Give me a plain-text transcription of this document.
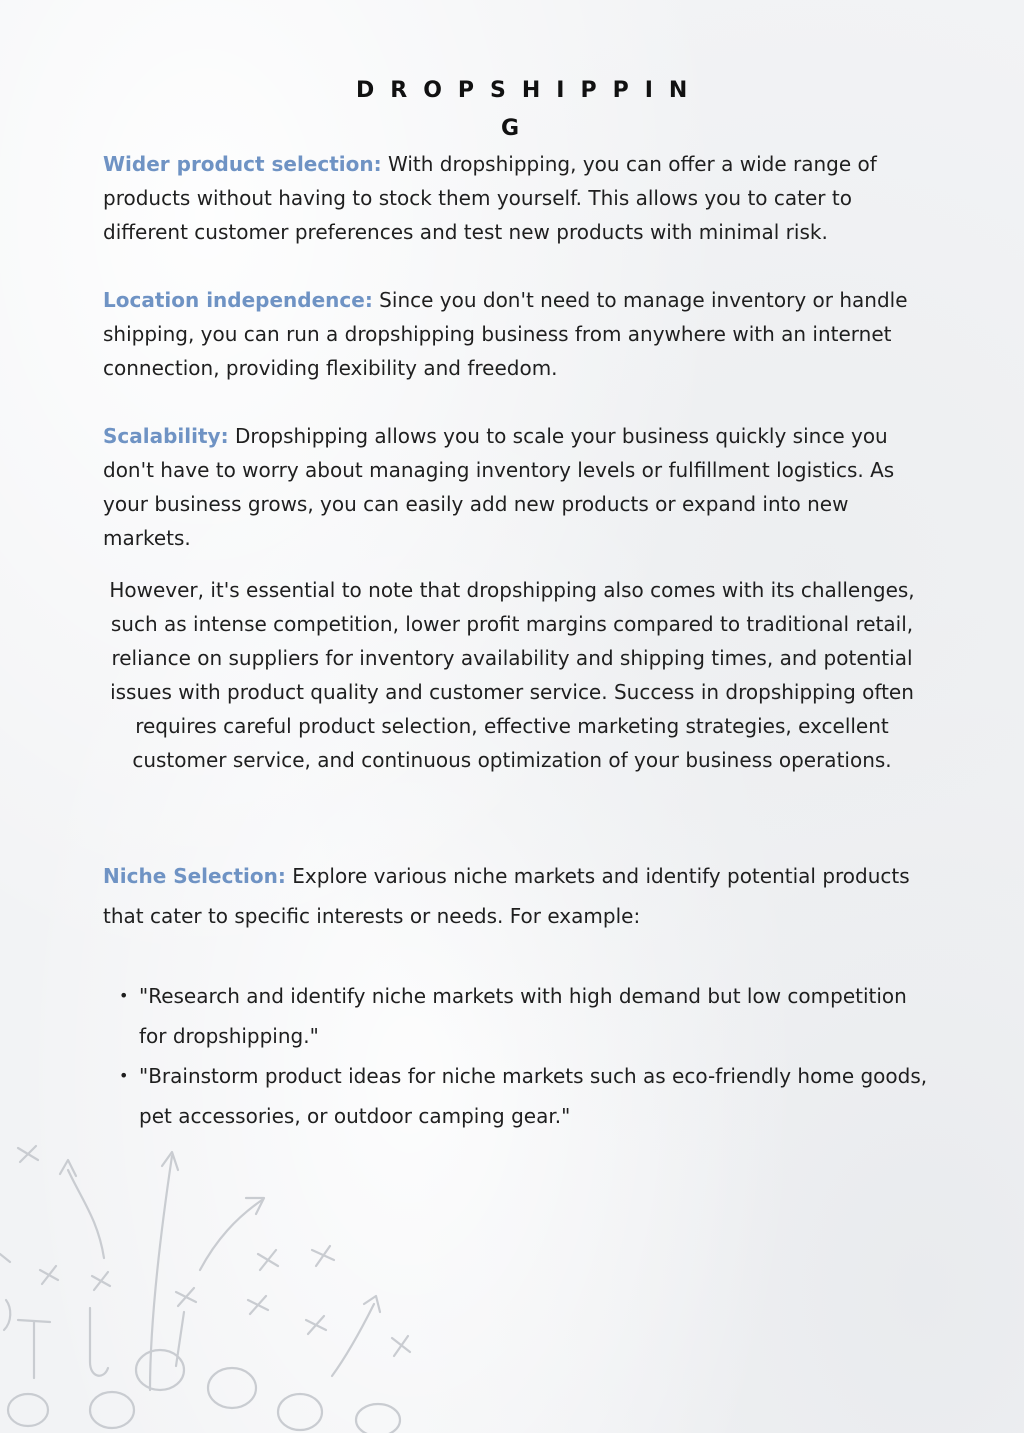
DROPSHIPPIN
G

Wider product selection: With dropshipping, you can offer a wide range of products without having to stock them yourself. This allows you to cater to different customer preferences and test new products with minimal risk.

Location independence: Since you don't need to manage inventory or handle shipping, you can run a dropshipping business from anywhere with an internet connection, providing flexibility and freedom.

Scalability: Dropshipping allows you to scale your business quickly since you don't have to worry about managing inventory levels or fulfillment logistics. As your business grows, you can easily add new products or expand into new markets.

However, it's essential to note that dropshipping also comes with its challenges, such as intense competition, lower profit margins compared to traditional retail, reliance on suppliers for inventory availability and shipping times, and potential issues with product quality and customer service. Success in dropshipping often requires careful product selection, effective marketing strategies, excellent customer service, and continuous optimization of your business operations.

Niche Selection: Explore various niche markets and identify potential products that cater to specific interests or needs. For example:

• "Research and identify niche markets with high demand but low competition for dropshipping."
• "Brainstorm product ideas for niche markets such as eco-friendly home goods, pet accessories, or outdoor camping gear."
